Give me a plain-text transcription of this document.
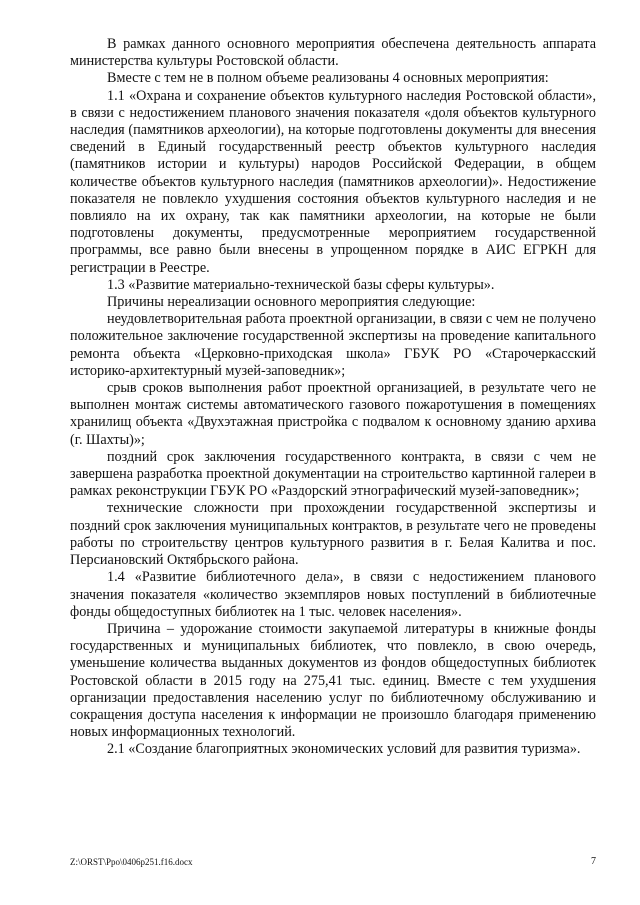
В рамках данного основного мероприятия обеспечена деятельность аппарата министерства культуры Ростовской области.

Вместе с тем не в полном объеме реализованы 4 основных мероприятия:

1.1 «Охрана и сохранение объектов культурного наследия Ростовской области», в связи с недостижением планового значения показателя «доля объектов культурного наследия (памятников археологии), на которые подготовлены документы для внесения сведений в Единый государственный реестр объектов культурного наследия (памятников истории и культуры) народов Российской Федерации, в общем количестве объектов культурного наследия (памятников археологии)». Недостижение показателя не повлекло ухудшения состояния объектов культурного наследия и не повлияло на их охрану, так как памятники археологии, на которые не были подготовлены документы, предусмотренные мероприятием государственной программы, все равно были внесены в упрощенном порядке в АИС ЕГРКН для регистрации в Реестре.

1.3 «Развитие материально-технической базы сферы культуры».

Причины нереализации основного мероприятия следующие:

неудовлетворительная работа проектной организации, в связи с чем не получено положительное заключение государственной экспертизы на проведение капитального ремонта объекта «Церковно-приходская школа» ГБУК РО «Старочеркасский историко-архитектурный музей-заповедник»;

срыв сроков выполнения работ проектной организацией, в результате чего не выполнен монтаж системы автоматического газового пожаротушения в помещениях хранилищ объекта «Двухэтажная пристройка с подвалом к основному зданию архива (г. Шахты)»;

поздний срок заключения государственного контракта, в связи с чем не завершена разработка проектной документации на строительство картинной галереи в рамках реконструкции ГБУК РО «Раздорский этнографический музей-заповедник»;

технические сложности при прохождении государственной экспертизы и поздний срок заключения муниципальных контрактов, в результате чего не проведены работы по строительству центров культурного развития в г. Белая Калитва и пос. Персиановский Октябрьского района.

1.4 «Развитие библиотечного дела», в связи с недостижением планового значения показателя «количество экземпляров новых поступлений в библиотечные фонды общедоступных библиотек на 1 тыс. человек населения».

Причина – удорожание стоимости закупаемой литературы в книжные фонды государственных и муниципальных библиотек, что повлекло, в свою очередь, уменьшение количества выданных документов из фондов общедоступных библиотек Ростовской области в 2015 году на 275,41 тыс. единиц. Вместе с тем ухудшения организации предоставления населению услуг по библиотечному обслуживанию и сокращения доступа населения к информации не произошло благодаря применению новых информационных технологий.

2.1 «Создание благоприятных экономических условий для развития туризма».

Z:\ORST\Ppo\0406p251.f16.docx	7
